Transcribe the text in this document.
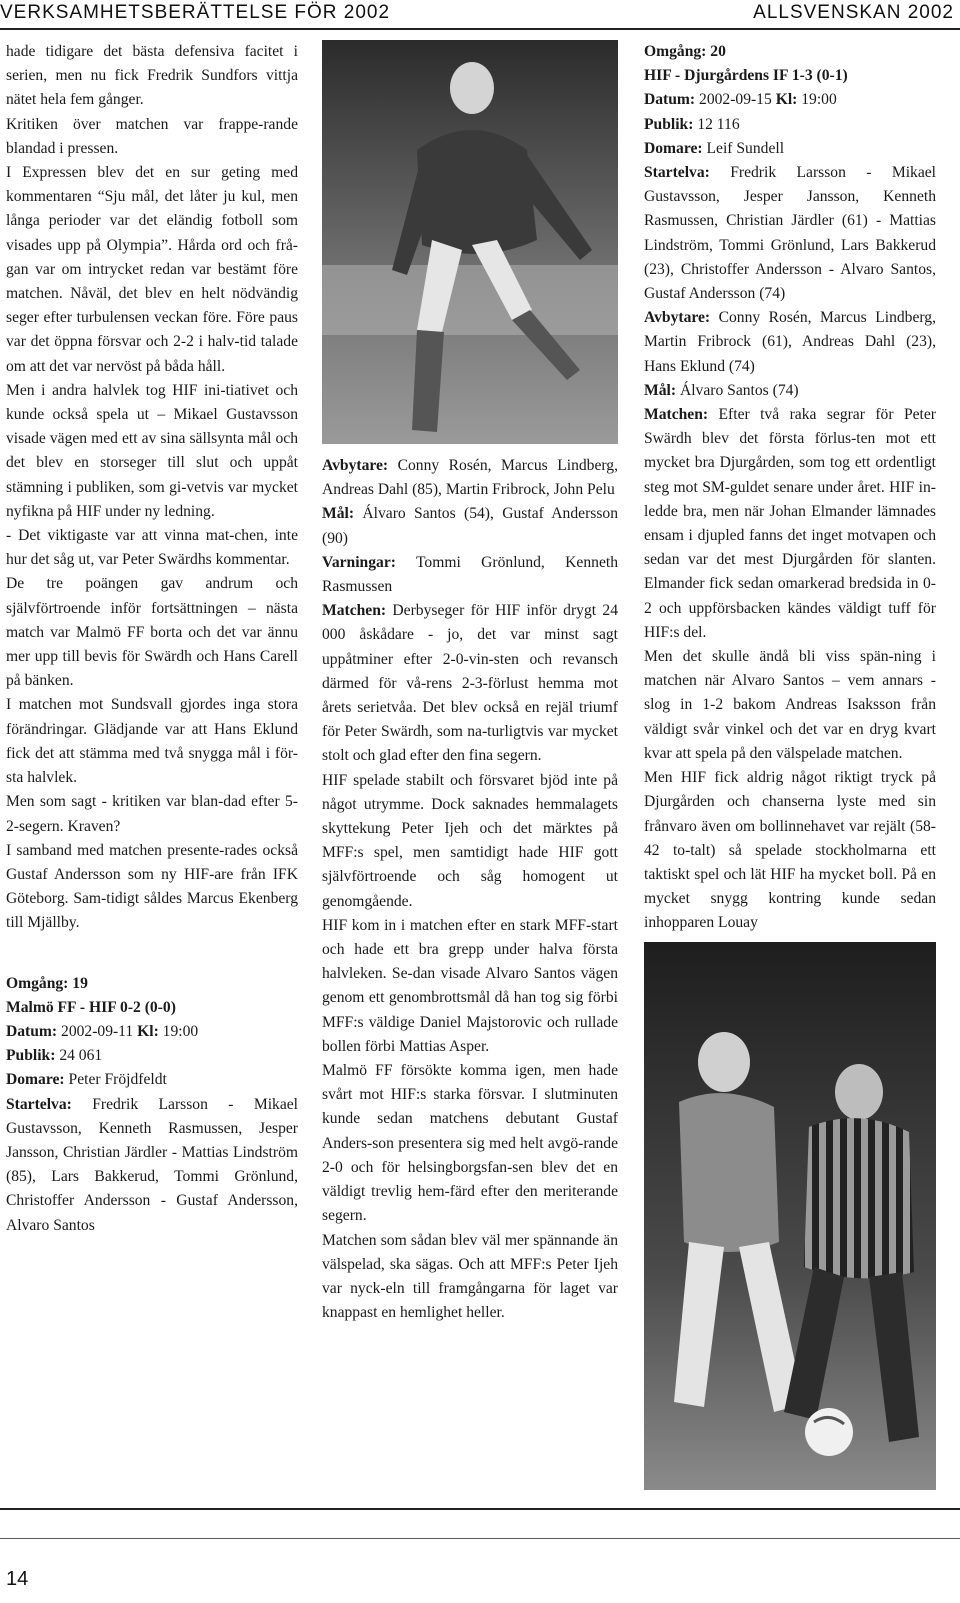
VERKSAMHETSBERÄTTELSE FÖR 2002	ALLSVENSKAN 2002

hade tidigare det bästa defensiva facitet i serien, men nu fick Fredrik Sundfors vittja nätet hela fem gånger.

Kritiken över matchen var frappe-rande blandad i pressen.

I Expressen blev det en sur geting med kommentaren “Sju mål, det låter ju kul, men långa perioder var det eländig fotboll som visades upp på Olympia”. Hårda ord och frå-gan var om intrycket redan var bestämt före matchen. Nåväl, det blev en helt nödvändig seger efter turbulensen veckan före. Före paus var det öppna försvar och 2-2 i halv-tid talade om att det var nervöst på båda håll.

Men i andra halvlek tog HIF ini-tiativet och kunde också spela ut – Mikael Gustavsson visade vägen med ett av sina sällsynta mål och det blev en storseger till slut och uppåt stämning i publiken, som gi-vetvis var mycket nyfikna på HIF under ny ledning.

- Det viktigaste var att vinna mat-chen, inte hur det såg ut, var Peter Swärdhs kommentar.

De tre poängen gav andrum och självförtroende inför fortsättningen – nästa match var Malmö FF borta och det var ännu mer upp till bevis för Swärdh och Hans Carell på bänken.

I matchen mot Sundsvall gjordes inga stora förändringar. Glädjande var att Hans Eklund fick det att stämma med två snygga mål i för-sta halvlek.

Men som sagt - kritiken var blan-dad efter 5-2-segern. Kraven?

I samband med matchen presente-rades också Gustaf Andersson som ny HIF-are från IFK Göteborg. Sam-tidigt såldes Marcus Ekenberg till Mjällby.

Omgång: 19

Malmö FF - HIF 0-2 (0-0)

Datum: 2002-09-11 Kl: 19:00

Publik: 24 061

Domare: Peter Fröjdfeldt

Startelva: Fredrik Larsson - Mikael Gustavsson, Kenneth Rasmussen, Jesper Jansson, Christian Järdler - Mattias Lindström (85), Lars Bakkerud, Tommi Grönlund, Christoffer Andersson - Gustaf Andersson, Alvaro Santos

Avbytare: Conny Rosén, Marcus Lindberg, Andreas Dahl (85), Martin Fribrock, John Pelu

Mål: Álvaro Santos (54), Gustaf Andersson (90)

Varningar: Tommi Grönlund, Kenneth Rasmussen

Matchen: Derbyseger för HIF inför drygt 24 000 åskådare - jo, det var minst sagt uppåtminer efter 2-0-vin-sten och revansch därmed för vå-rens 2-3-förlust hemma mot årets serietvåa. Det blev också en rejäl triumf för Peter Swärdh, som na-turligtvis var mycket stolt och glad efter den fina segern.

HIF spelade stabilt och försvaret bjöd inte på något utrymme. Dock saknades hemmalagets skyttekung Peter Ijeh och det märktes på MFF:s spel, men samtidigt hade HIF gott självförtroende och såg homogent ut genomgående.

HIF kom in i matchen efter en stark MFF-start och hade ett bra grepp under halva första halvleken. Se-dan visade Alvaro Santos vägen genom ett genombrottsmål då han tog sig förbi MFF:s väldige Daniel Majstorovic och rullade bollen förbi Mattias Asper.

Malmö FF försökte komma igen, men hade svårt mot HIF:s starka försvar. I slutminuten kunde sedan matchens debutant Gustaf Anders-son presentera sig med helt avgö-rande 2-0 och för helsingborgsfan-sen blev det en väldigt trevlig hem-färd efter den meriterande segern.

Matchen som sådan blev väl mer spännande än välspelad, ska sägas. Och att MFF:s Peter Ijeh var nyck-eln till framgångarna för laget var knappast en hemlighet heller.

Omgång: 20

HIF - Djurgårdens IF 1-3 (0-1)

Datum: 2002-09-15 Kl: 19:00

Publik: 12 116

Domare: Leif Sundell

Startelva: Fredrik Larsson - Mikael Gustavsson, Jesper Jansson, Kenneth Rasmussen, Christian Järdler (61) - Mattias Lindström, Tommi Grönlund, Lars Bakkerud (23), Christoffer Andersson - Alvaro Santos, Gustaf Andersson (74)

Avbytare: Conny Rosén, Marcus Lindberg, Martin Fribrock (61), Andreas Dahl (23), Hans Eklund (74)

Mål: Álvaro Santos (74)

Matchen: Efter två raka segrar för Peter Swärdh blev det första förlus-ten mot ett mycket bra Djurgården, som tog ett ordentligt steg mot SM-guldet senare under året. HIF in-ledde bra, men när Johan Elmander lämnades ensam i djupled fanns det inget motvapen och sedan var det mest Djurgården för slanten. Elmander fick sedan omarkerad bredsida in 0-2 och uppförsbacken kändes väldigt tuff för HIF:s del.

Men det skulle ändå bli viss spän-ning i matchen när Alvaro Santos – vem annars - slog in 1-2 bakom Andreas Isaksson från väldigt svår vinkel och det var en dryg kvart kvar att spela på den välspelade matchen.

Men HIF fick aldrig något riktigt tryck på Djurgården och chanserna lyste med sin frånvaro även om bollinnehavet var rejält (58-42 to-talt) så spelade stockholmarna ett taktiskt spel och lät HIF ha mycket boll. På en mycket snygg kontring kunde sedan inhopparen Louay

14
